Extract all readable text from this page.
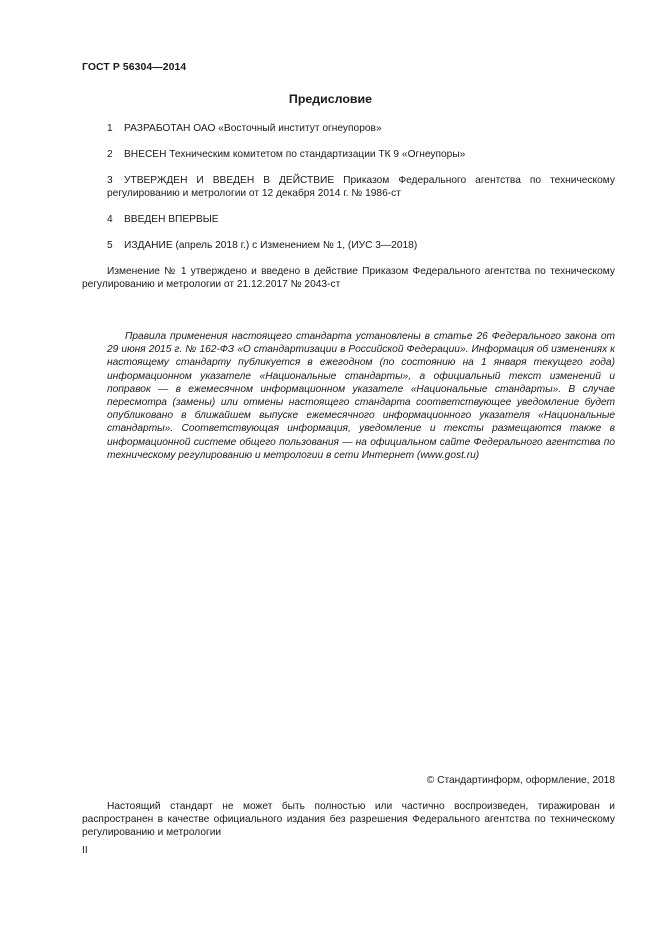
ГОСТ Р 56304—2014
Предисловие

1 РАЗРАБОТАН ОАО «Восточный институт огнеупоров»

2 ВНЕСЕН Техническим комитетом по стандартизации ТК 9 «Огнеупоры»

3 УТВЕРЖДЕН И ВВЕДЕН В ДЕЙСТВИЕ Приказом Федерального агентства по техническому регулированию и метрологии от 12 декабря 2014 г. № 1986-ст

4 ВВЕДЕН ВПЕРВЫЕ

5 ИЗДАНИЕ (апрель 2018 г.) с Изменением № 1, (ИУС 3—2018)

Изменение № 1 утверждено и введено в действие Приказом Федерального агентства по техническому регулированию и метрологии от 21.12.2017 № 2043-ст

Правила применения настоящего стандарта установлены в статье 26 Федерального закона от 29 июня 2015 г. № 162-ФЗ «О стандартизации в Российской Федерации». Информация об изменениях к настоящему стандарту публикуется в ежегодном (по состоянию на 1 января текущего года) информационном указателе «Национальные стандарты», а официальный текст изменений и поправок — в ежемесячном информационном указателе «Национальные стандарты». В случае пересмотра (замены) или отмены настоящего стандарта соответствующее уведомление будет опубликовано в ближайшем выпуске ежемесячного информационного указателя «Национальные стандарты». Соответствующая информация, уведомление и тексты размещаются также в информационной системе общего пользования — на официальном сайте Федерального агентства по техническому регулированию и метрологии в сети Интернет (www.gost.ru)

© Стандартинформ, оформление, 2018
Настоящий стандарт не может быть полностью или частично воспроизведен, тиражирован и распространен в качестве официального издания без разрешения Федерального агентства по техническому регулированию и метрологии
II
